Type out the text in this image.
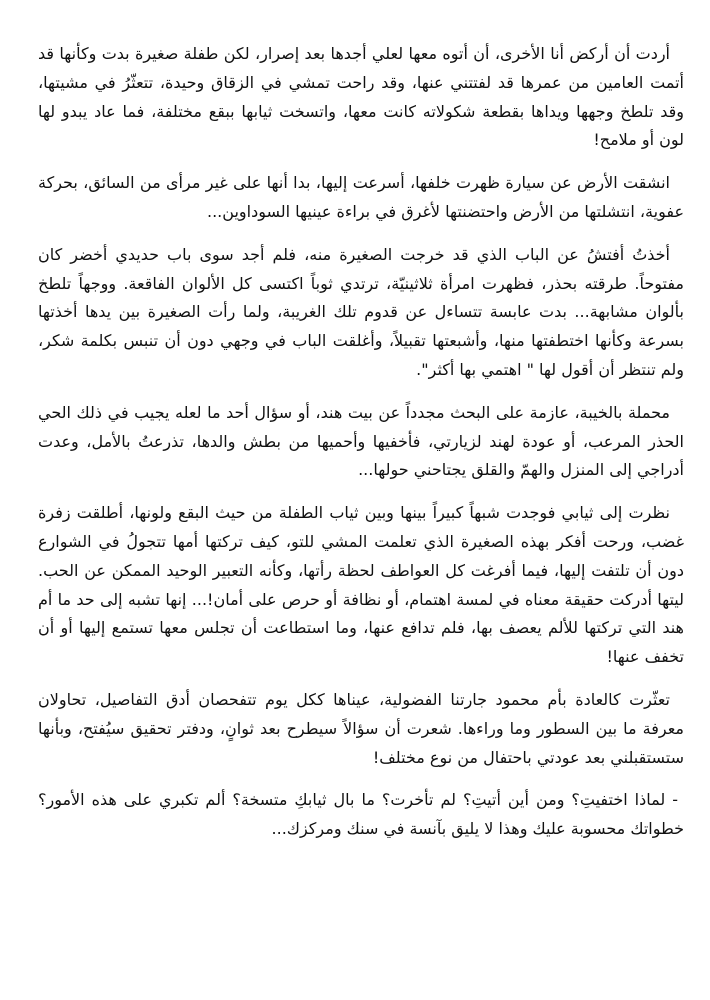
أردت أن أركض أنا الأخرى، أن أتوه معها لعلي أجدها بعد إصرار، لكن طفلة صغيرة بدت وكأنها قد أتمت العامين من عمرها قد لفتتني عنها، وقد راحت تمشي في الزقاق وحيدة، تتعثّرُ في مشيتها، وقد تلطخ وجهها ويداها بقطعة شكولاته كانت معها، واتسخت ثيابها ببقع مختلفة، فما عاد يبدو لها لون أو ملامح!

انشقت الأرض عن سيارة ظهرت خلفها، أسرعت إليها، بدا أنها على غير مرأى من السائق، بحركة عفوية، انتشلتها من الأرض واحتضنتها لأغرق في براءة عينيها السوداوين...

أخذتُ أفتشُ عن الباب الذي قد خرجت الصغيرة منه، فلم أجد سوى باب حديدي أخضر كان مفتوحاً. طرقته بحذر، فظهرت امرأة ثلاثينيّة، ترتدي ثوباً اكتسى كل الألوان الفاقعة. ووجهاً تلطخ بألوان مشابهة... بدت عابسة تتساءل عن قدوم تلك الغريبة، ولما رأت الصغيرة بين يدها أخذتها بسرعة وكأنها اختطفتها منها، وأشبعتها تقبيلاً، وأغلقت الباب في وجهي دون أن تنبس بكلمة شكر، ولم تنتظر أن أقول لها " اهتمي بها أكثر".

محملة بالخيبة، عازمة على البحث مجدداً عن بيت هند، أو سؤال أحد ما لعله يجيب في ذلك الحي الحذر المرعب، أو عودة لهند لزيارتي، فأخفيها وأحميها من بطش والدها، تذرعتُ بالأمل، وعدت أدراجي إلى المنزل والهمّ والقلق يجتاحني حولها...

نظرت إلى ثيابي فوجدت شبهاً كبيراً بينها وبين ثياب الطفلة من حيث البقع ولونها، أطلقت زفرة غضب، ورحت أفكر بهذه الصغيرة الذي تعلمت المشي للتو، كيف تركتها أمها تتجولُ في الشوارع دون أن تلتفت إليها، فيما أفرغت كل العواطف لحظة رأتها، وكأنه التعبير الوحيد الممكن عن الحب. ليتها أدركت حقيقة معناه في لمسة اهتمام، أو نظافة أو حرص على أمان!... إنها تشبه إلى حد ما أم هند التي تركتها للألم يعصف بها، فلم تدافع عنها، وما استطاعت أن تجلس معها تستمع إليها أو أن تخفف عنها!

تعثّرت كالعادة بأم محمود جارتنا الفضولية، عيناها ككل يوم تتفحصان أدق التفاصيل، تحاولان معرفة ما بين السطور وما وراءها. شعرت أن سؤالاً سيطرح بعد ثوانٍ، ودفتر تحقيق سيُفتح، وبأنها ستستقبلني بعد عودتي باحتفال من نوع مختلف!

- لماذا اختفيتِ؟ ومن أين أتيتِ؟ لم تأخرت؟ ما بال ثيابكِ متسخة؟ ألم تكبري على هذه الأمور؟ خطواتك محسوبة عليك وهذا لا يليق بآنسة في سنك ومركزك...
